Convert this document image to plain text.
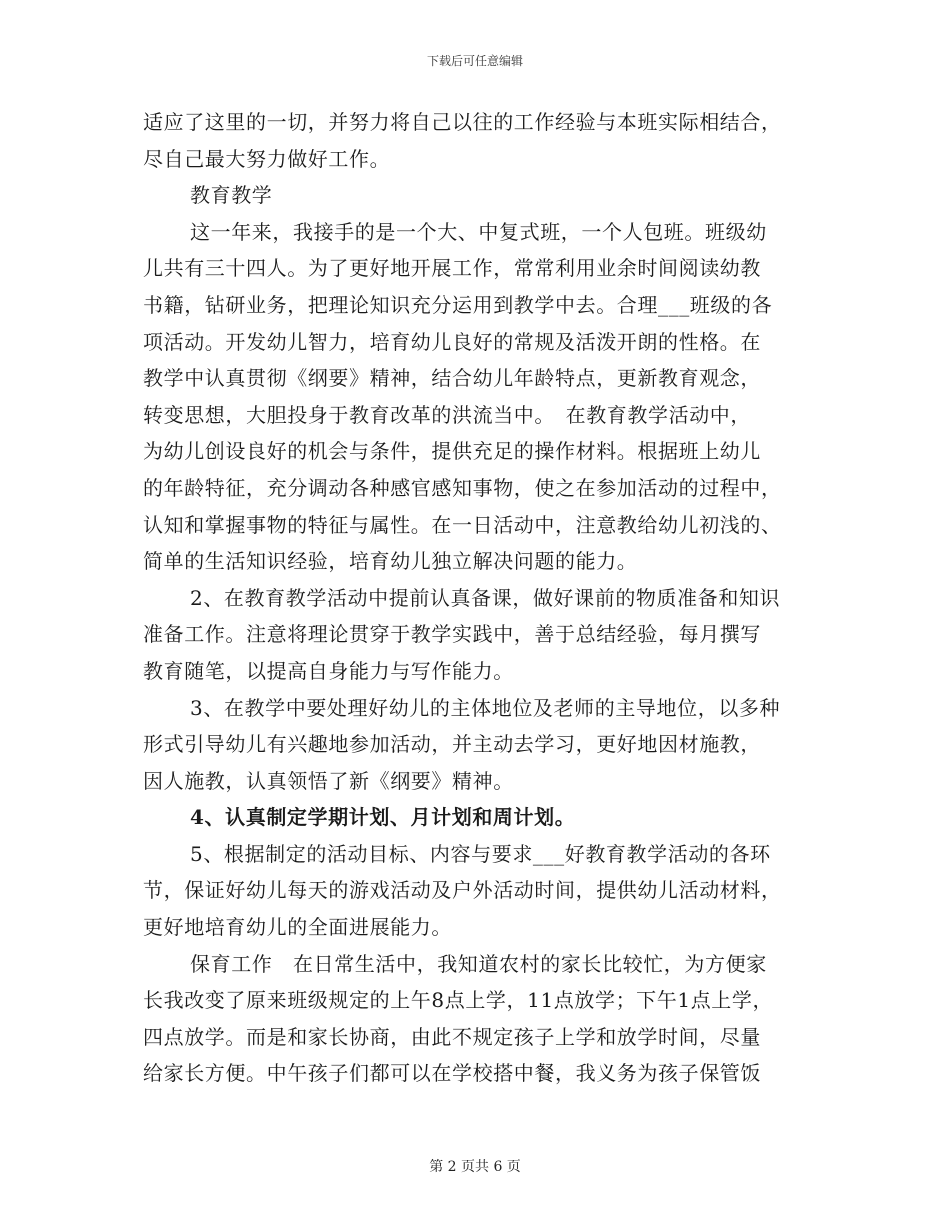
下载后可任意编辑
适应了这里的一切，并努力将自己以往的工作经验与本班实际相结合，
尽自己最大努力做好工作。
教育教学
这一年来，我接手的是一个大、中复式班，一个人包班。班级幼
儿共有三十四人。为了更好地开展工作，常常利用业余时间阅读幼教
书籍，钻研业务，把理论知识充分运用到教学中去。合理___班级的各
项活动。开发幼儿智力，培育幼儿良好的常规及活泼开朗的性格。在
教学中认真贯彻《纲要》精神，结合幼儿年龄特点，更新教育观念，
转变思想，大胆投身于教育改革的洪流当中。　在教育教学活动中，
为幼儿创设良好的机会与条件，提供充足的操作材料。根据班上幼儿
的年龄特征，充分调动各种感官感知事物，使之在参加活动的过程中，
认知和掌握事物的特征与属性。在一日活动中，注意教给幼儿初浅的、
简单的生活知识经验，培育幼儿独立解决问题的能力。
2、在教育教学活动中提前认真备课，做好课前的物质准备和知识
准备工作。注意将理论贯穿于教学实践中，善于总结经验，每月撰写
教育随笔，以提高自身能力与写作能力。
3、在教学中要处理好幼儿的主体地位及老师的主导地位，以多种
形式引导幼儿有兴趣地参加活动，并主动去学习，更好地因材施教，
因人施教，认真领悟了新《纲要》精神。
4、认真制定学期计划、月计划和周计划。
5、根据制定的活动目标、内容与要求___好教育教学活动的各环
节，保证好幼儿每天的游戏活动及户外活动时间，提供幼儿活动材料，
更好地培育幼儿的全面进展能力。
保育工作　在日常生活中，我知道农村的家长比较忙，为方便家
长我改变了原来班级规定的上午8点上学，11点放学；下午1点上学，
四点放学。而是和家长协商，由此不规定孩子上学和放学时间，尽量
给家长方便。中午孩子们都可以在学校搭中餐，我义务为孩子保管饭
第 2 页共 6 页
